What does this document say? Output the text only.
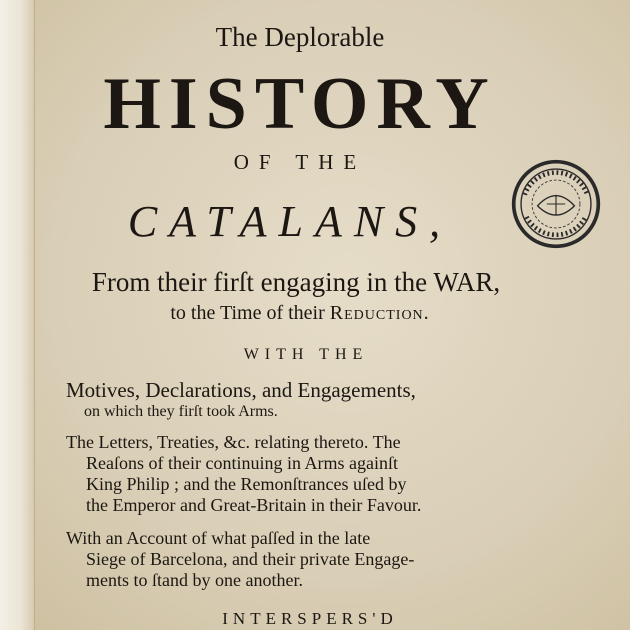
The Deplorable
HISTORY
OF THE
CATALANS,
From their firſt engaging in the WAR,
to the Time of their Reduction.
WITH THE
Motives, Declarations, and Engagements,
on which they firſt took Arms.
The Letters, Treaties, &c. relating thereto. The
Reaſons of their continuing in Arms againſt
King Philip ; and the Remonſtrances uſed by
the Emperor and Great-Britain in their Favour.
With an Account of what paſſed in the late
Siege of Barcelona, and their private Engage-
ments to ſtand by one another.
INTERSPERS'D
